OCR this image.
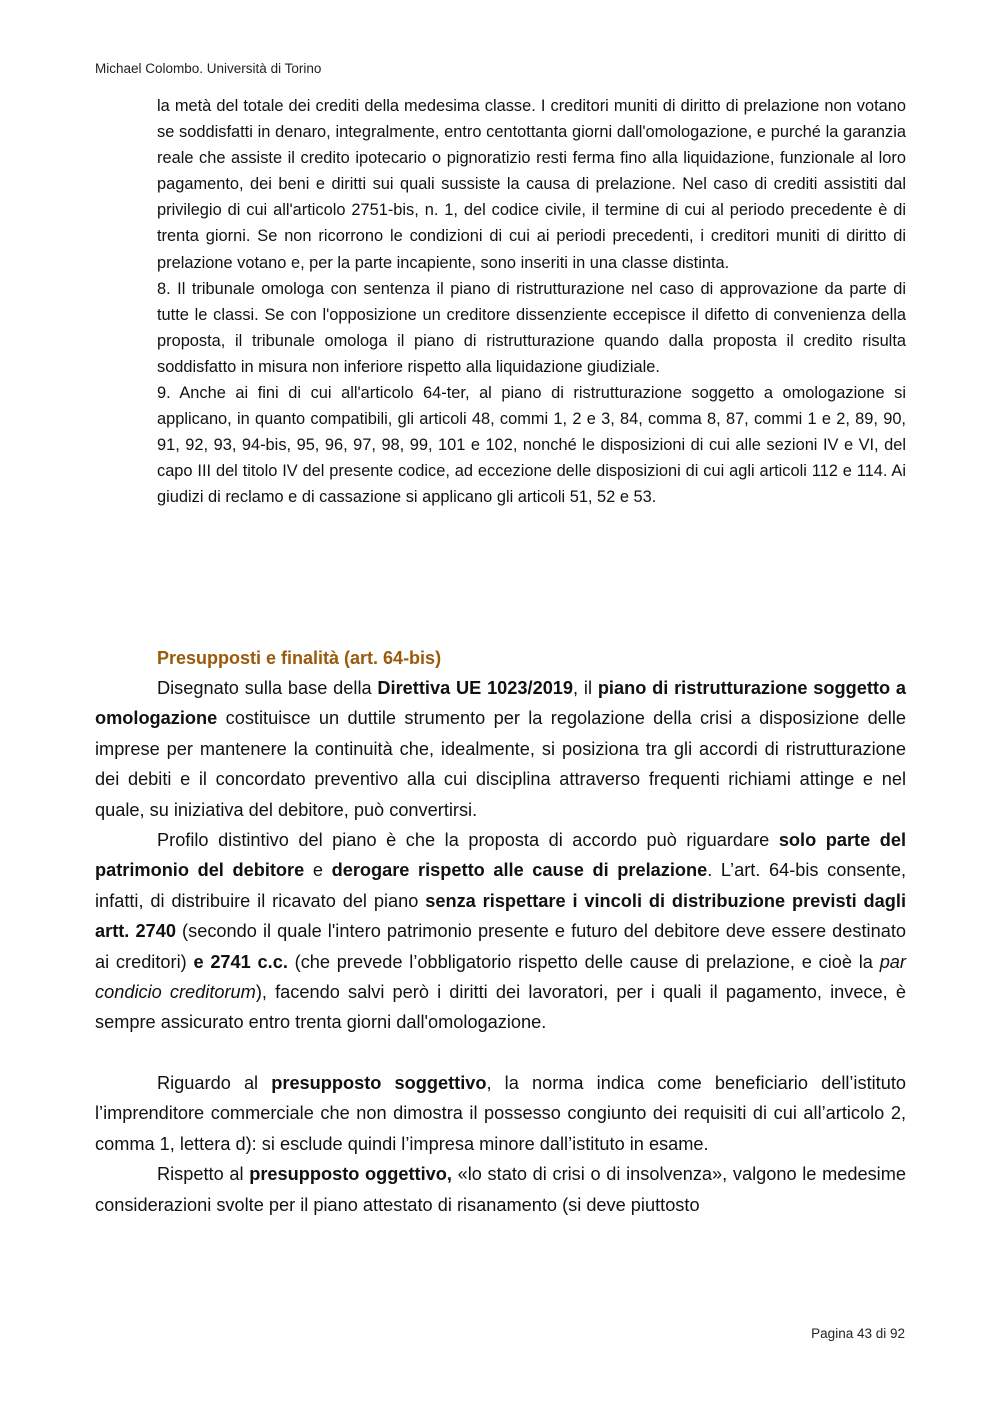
Michael Colombo. Università di Torino

la metà del totale dei crediti della medesima classe. I creditori muniti di diritto di prelazione non votano se soddisfatti in denaro, integralmente, entro centottanta giorni dall'omologazione, e purché la garanzia reale che assiste il credito ipotecario o pignoratizio resti ferma fino alla liquidazione, funzionale al loro pagamento, dei beni e diritti sui quali sussiste la causa di prelazione. Nel caso di crediti assistiti dal privilegio di cui all'articolo 2751-bis, n. 1, del codice civile, il termine di cui al periodo precedente è di trenta giorni. Se non ricorrono le condizioni di cui ai periodi precedenti, i creditori muniti di diritto di prelazione votano e, per la parte incapiente, sono inseriti in una classe distinta.

8. Il tribunale omologa con sentenza il piano di ristrutturazione nel caso di approvazione da parte di tutte le classi. Se con l'opposizione un creditore dissenziente eccepisce il difetto di convenienza della proposta, il tribunale omologa il piano di ristrutturazione quando dalla proposta il credito risulta soddisfatto in misura non inferiore rispetto alla liquidazione giudiziale.

9. Anche ai fini di cui all'articolo 64-ter, al piano di ristrutturazione soggetto a omologazione si applicano, in quanto compatibili, gli articoli 48, commi 1, 2 e 3, 84, comma 8, 87, commi 1 e 2, 89, 90, 91, 92, 93, 94-bis, 95, 96, 97, 98, 99, 101 e 102, nonché le disposizioni di cui alle sezioni IV e VI, del capo III del titolo IV del presente codice, ad eccezione delle disposizioni di cui agli articoli 112 e 114. Ai giudizi di reclamo e di cassazione si applicano gli articoli 51, 52 e 53.

Presupposti e finalità (art. 64-bis)

Disegnato sulla base della Direttiva UE 1023/2019, il piano di ristrutturazione soggetto a omologazione costituisce un duttile strumento per la regolazione della crisi a disposizione delle imprese per mantenere la continuità che, idealmente, si posiziona tra gli accordi di ristrutturazione dei debiti e il concordato preventivo alla cui disciplina attraverso frequenti richiami attinge e nel quale, su iniziativa del debitore, può convertirsi.

Profilo distintivo del piano è che la proposta di accordo può riguardare solo parte del patrimonio del debitore e derogare rispetto alle cause di prelazione. L’art. 64-bis consente, infatti, di distribuire il ricavato del piano senza rispettare i vincoli di distribuzione previsti dagli artt. 2740 (secondo il quale l'intero patrimonio presente e futuro del debitore deve essere destinato ai creditori) e 2741 c.c. (che prevede l’obbligatorio rispetto delle cause di prelazione, e cioè la par condicio creditorum), facendo salvi però i diritti dei lavoratori, per i quali il pagamento, invece, è sempre assicurato entro trenta giorni dall'omologazione.

Riguardo al presupposto soggettivo, la norma indica come beneficiario dell’istituto l’imprenditore commerciale che non dimostra il possesso congiunto dei requisiti di cui all’articolo 2, comma 1, lettera d): si esclude quindi l’impresa minore dall’istituto in esame.

Rispetto al presupposto oggettivo, «lo stato di crisi o di insolvenza», valgono le medesime considerazioni svolte per il piano attestato di risanamento (si deve piuttosto

Pagina 43 di 92
